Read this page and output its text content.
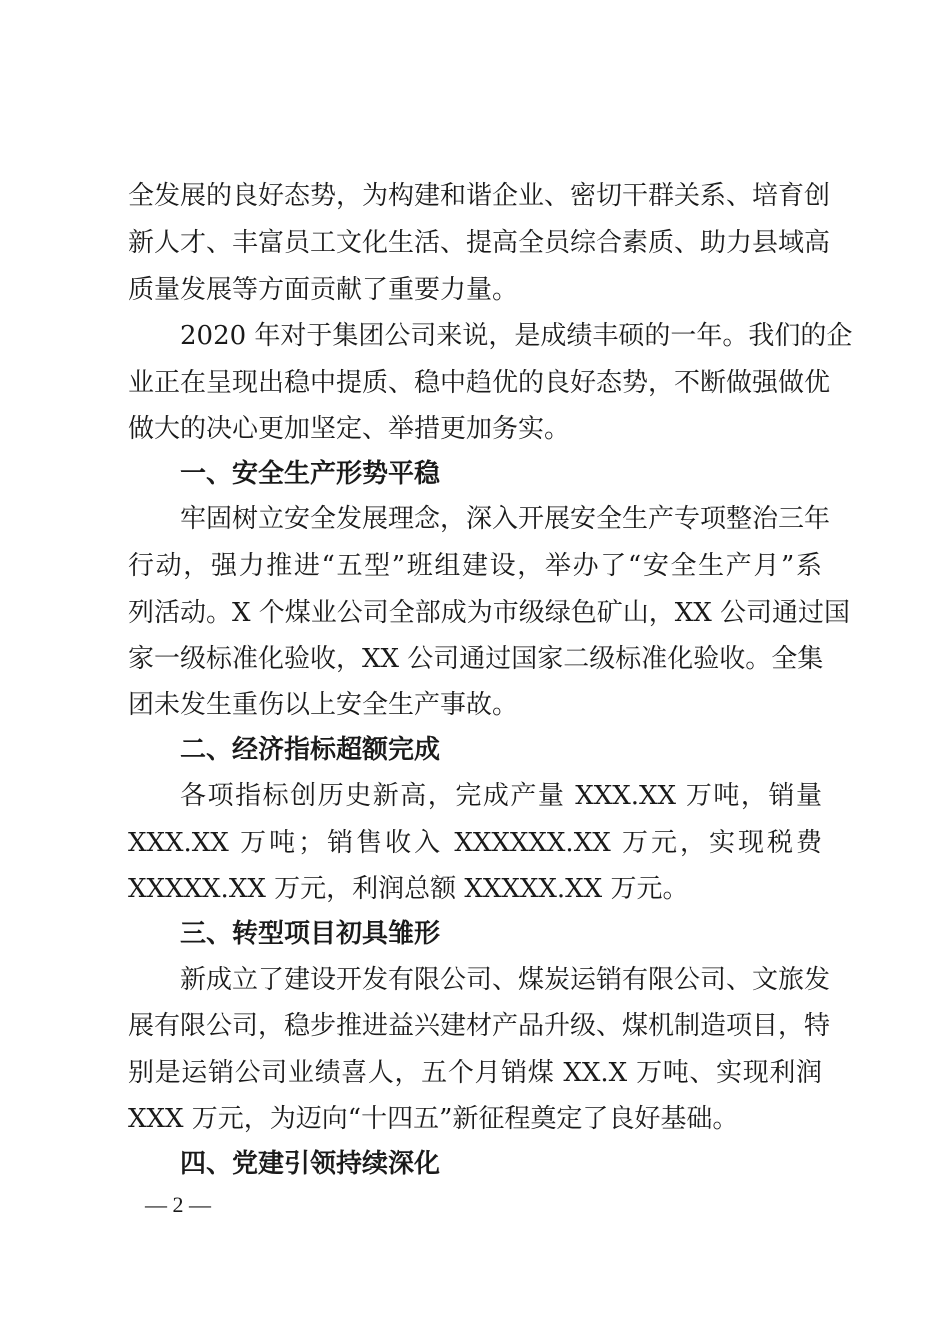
全发展的良好态势，为构建和谐企业、密切干群关系、培育创
新人才、丰富员工文化生活、提高全员综合素质、助力县域高
质量发展等方面贡献了重要力量。
2020 年对于集团公司来说，是成绩丰硕的一年。我们的企
业正在呈现出稳中提质、稳中趋优的良好态势，不断做强做优
做大的决心更加坚定、举措更加务实。
一、安全生产形势平稳
牢固树立安全发展理念，深入开展安全生产专项整治三年
行动，强力推进“五型”班组建设，举办了“安全生产月”系
列活动。X 个煤业公司全部成为市级绿色矿山，XX 公司通过国
家一级标准化验收，XX 公司通过国家二级标准化验收。全集
团未发生重伤以上安全生产事故。
二、经济指标超额完成
各项指标创历史新高，完成产量 XXX.XX 万吨，销量
XXX.XX 万吨；销售收入 XXXXXX.XX 万元，实现税费
XXXXX.XX 万元，利润总额 XXXXX.XX 万元。
三、转型项目初具雏形
新成立了建设开发有限公司、煤炭运销有限公司、文旅发
展有限公司，稳步推进益兴建材产品升级、煤机制造项目，特
别是运销公司业绩喜人，五个月销煤 XX.X 万吨、实现利润
XXX 万元，为迈向“十四五”新征程奠定了良好基础。
四、党建引领持续深化
— 2 —
